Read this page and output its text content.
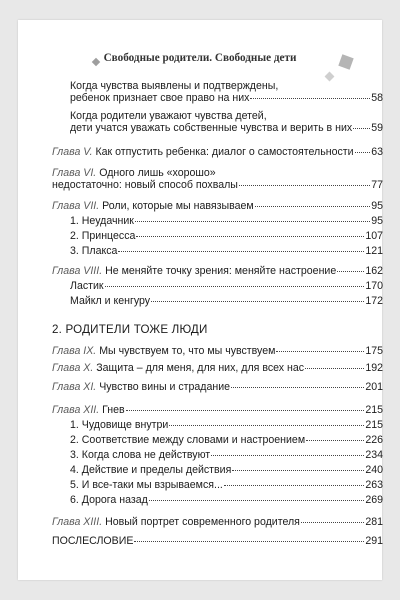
Свободные родители. Свободные дети
Когда чувства выявлены и подтверждены,
ребенок признает свое право на них	58
Когда родители уважают чувства детей,
дети учатся уважать собственные чувства и верить в них 59
Глава V. Как отпустить ребенка: диалог о самостоятельности 63
Глава VI. Одного лишь «хорошо»
недостаточно: новый способ похвалы	77
Глава VII. Роли, которые мы навязываем	95
1. Неудачник	95
2. Принцесса	107
3. Плакса	121
Глава VIII. Не меняйте точку зрения: меняйте настроение	162
Ластик	170
Майкл и кенгуру	172
2. РОДИТЕЛИ ТОЖЕ ЛЮДИ
Глава IX. Мы чувствуем то, что мы чувствуем	175
Глава X. Защита – для меня, для них, для всех нас	192
Глава XI. Чувство вины и страдание	201
Глава XII. Гнев	215
1. Чудовище внутри	215
2. Соответствие между словами и настроением	226
3. Когда слова не действуют	234
4. Действие и пределы действия	240
5. И все-таки мы взрываемся...	263
6. Дорога назад	269
Глава XIII. Новый портрет современного родителя	281
ПОСЛЕСЛОВИЕ	291
